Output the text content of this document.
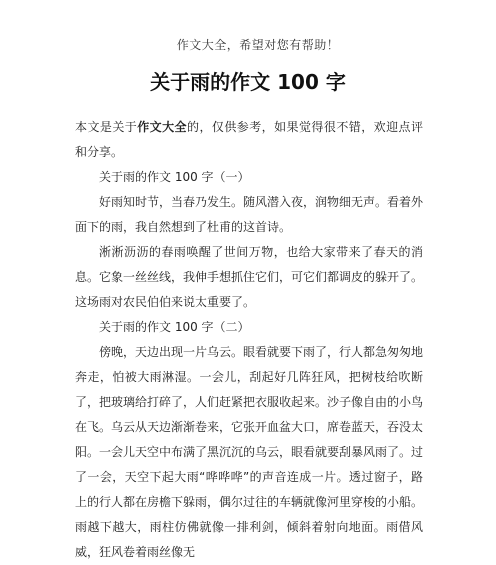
作文大全，希望对您有帮助！
关于雨的作文 100 字

本文是关于作文大全的，仅供参考，如果觉得很不错，欢迎点评和分享。

关于雨的作文 100 字（一）

好雨知时节，当春乃发生。随风潜入夜，润物细无声。看着外面下的雨，我自然想到了杜甫的这首诗。

淅淅沥沥的春雨唤醒了世间万物，也给大家带来了春天的消息。它象一丝丝线，我伸手想抓住它们，可它们都调皮的躲开了。这场雨对农民伯伯来说太重要了。

关于雨的作文 100 字（二）

傍晚，天边出现一片乌云。眼看就要下雨了，行人都急匆匆地奔走，怕被大雨淋湿。一会儿，刮起好几阵狂风，把树枝给吹断了，把玻璃给打碎了，人们赶紧把衣服收起来。沙子像自由的小鸟在飞。乌云从天边渐渐卷来，它张开血盆大口，席卷蓝天，吞没太阳。一会儿天空中布满了黑沉沉的乌云，眼看就要刮暴风雨了。过了一会，天空下起大雨“哗哗哗”的声音连成一片。透过窗子，路上的行人都在房檐下躲雨，偶尔过往的车辆就像河里穿梭的小船。雨越下越大，雨柱仿佛就像一排利剑，倾斜着射向地面。雨借风威，狂风卷着雨丝像无
